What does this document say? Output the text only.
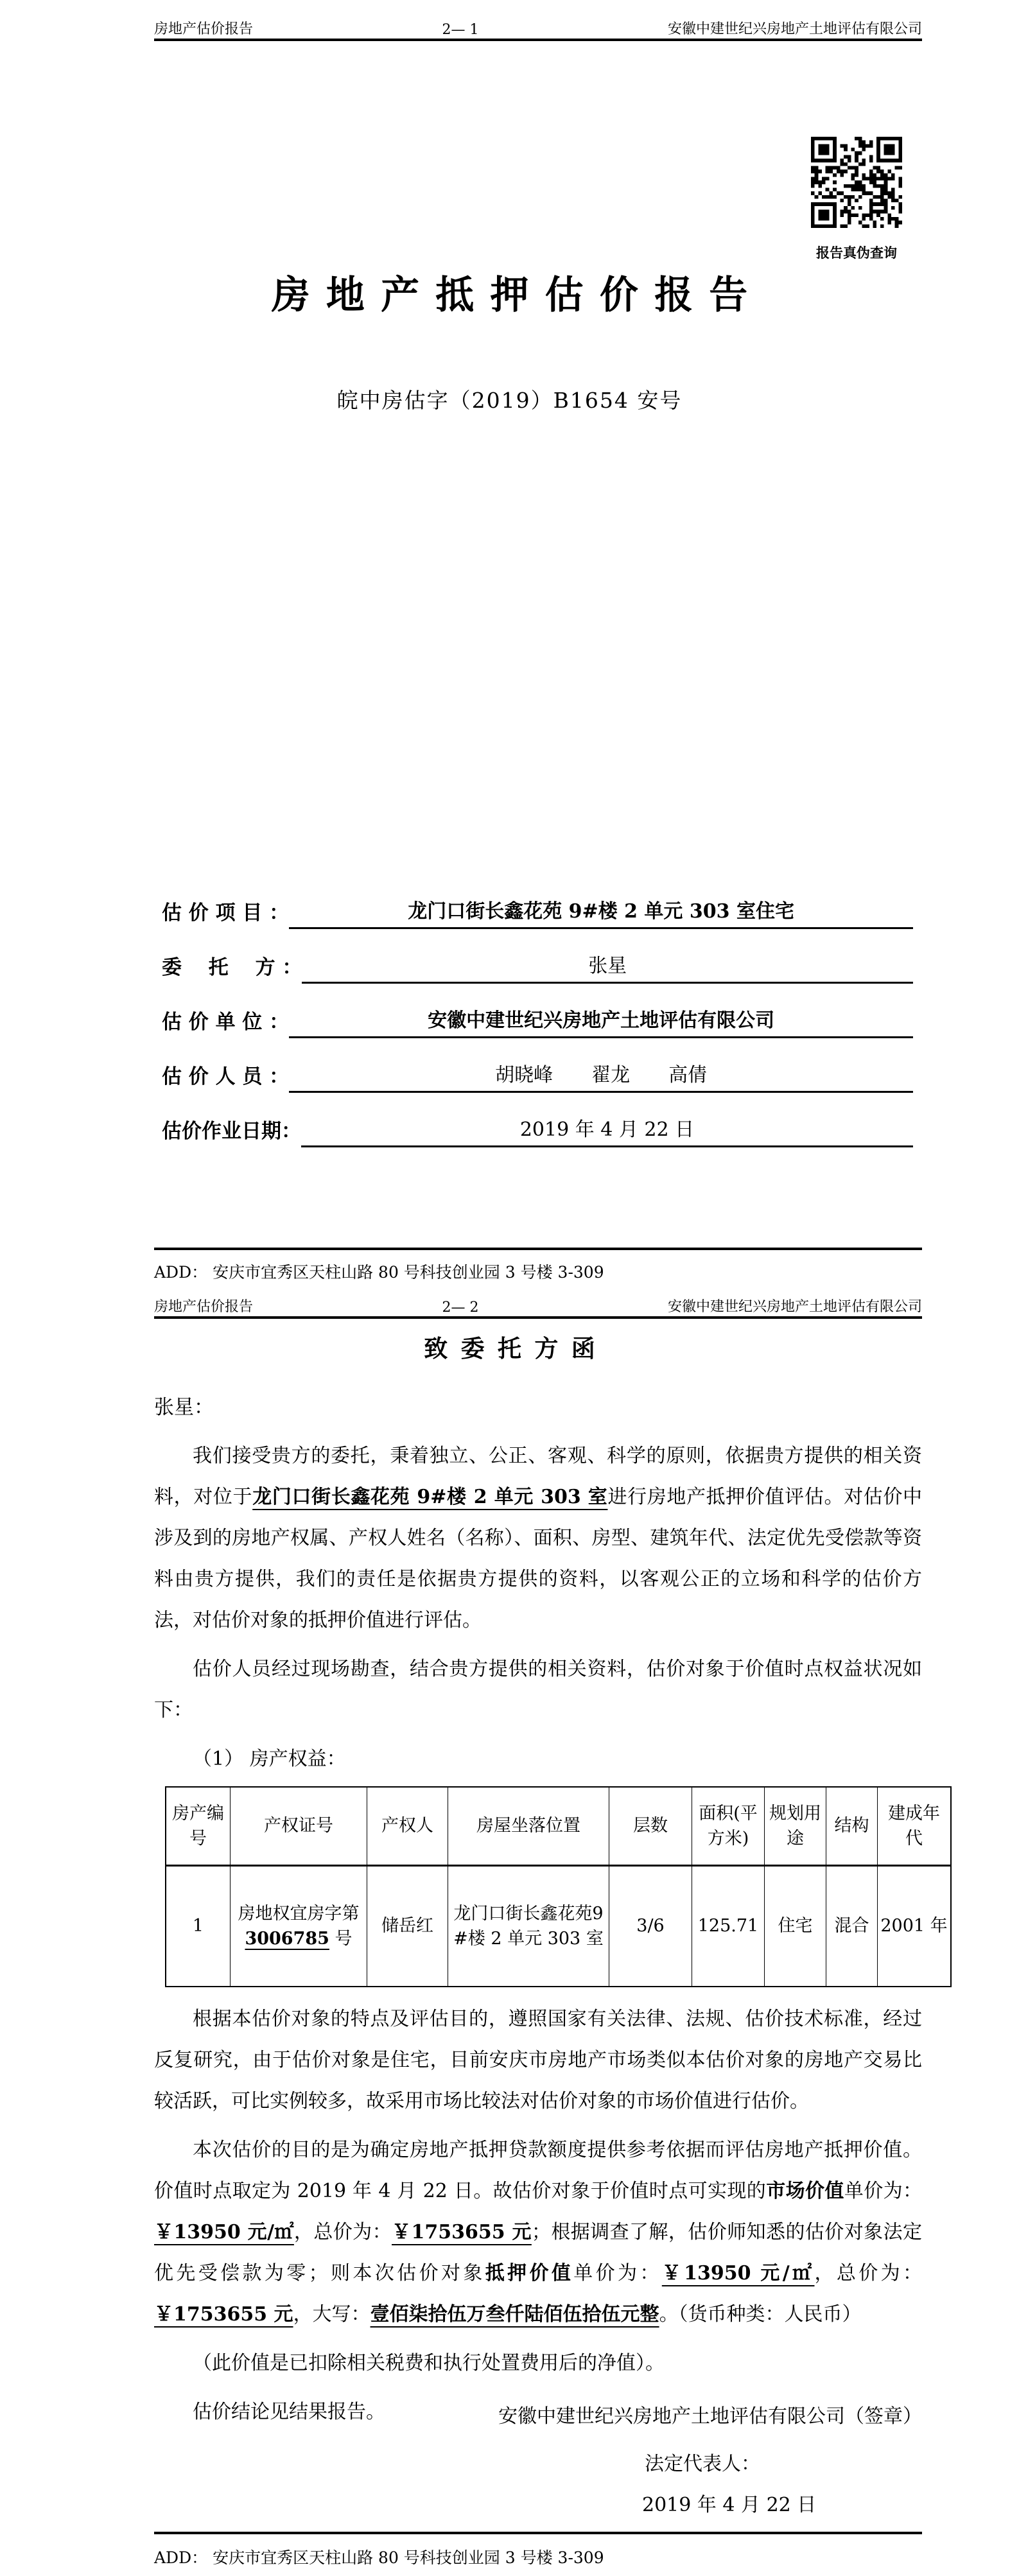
房地产估价报告	2— 1	安徽中建世纪兴房地产土地评估有限公司
报告真伪查询
房地产抵押估价报告
皖中房估字（2019）B1654 安号
估 价 项 目 ：	龙门口街长鑫花苑 9#楼 2 单元 303 室住宅
委　 托 　方 ：	张星
估 价 单 位 ：	安徽中建世纪兴房地产土地评估有限公司
估 价 人 员 ：	胡晓峰　　翟龙　　高倩
估价作业日期：	2019 年 4 月 22 日
ADD： 安庆市宜秀区天柱山路 80 号科技创业园 3 号楼 3-309
房地产估价报告	2— 2	安徽中建世纪兴房地产土地评估有限公司
致委托方函
张星：

我们接受贵方的委托，秉着独立、公正、客观、科学的原则，依据贵方提供的相关资料，对位于龙门口街长鑫花苑 9#楼 2 单元 303 室进行房地产抵押价值评估。对估价中涉及到的房地产权属、产权人姓名（名称）、面积、房型、建筑年代、法定优先受偿款等资料由贵方提供，我们的责任是依据贵方提供的资料，以客观公正的立场和科学的估价方法，对估价对象的抵押价值进行评估。

估价人员经过现场勘查，结合贵方提供的相关资料，估价对象于价值时点权益状况如下：

（1） 房产权益：

房产编号	产权证号	产权人	房屋坐落位置	层数	面积(平方米)	规划用途	结构	建成年代
1	房地权宜房字第 3006785 号	储岳红	龙门口街长鑫花苑9#楼 2 单元 303 室	3/6	125.71	住宅	混合	2001 年

根据本估价对象的特点及评估目的，遵照国家有关法律、法规、估价技术标准，经过反复研究，由于估价对象是住宅，目前安庆市房地产市场类似本估价对象的房地产交易比较活跃，可比实例较多，故采用市场比较法对估价对象的市场价值进行估价。

本次估价的目的是为确定房地产抵押贷款额度提供参考依据而评估房地产抵押价值。价值时点取定为 2019 年 4 月 22 日。故估价对象于价值时点可实现的市场价值单价为：￥13950 元/㎡，总价为：￥1753655 元；根据调查了解，估价师知悉的估价对象法定优先受偿款为零；则本次估价对象抵押价值单价为：￥13950 元/㎡，总价为：￥1753655 元，大写：壹佰柒拾伍万叁仟陆佰伍拾伍元整。（货币种类：人民币）

（此价值是已扣除相关税费和执行处置费用后的净值）。

估价结论见结果报告。	安徽中建世纪兴房地产土地评估有限公司（签章）
法定代表人：
2019 年 4 月 22 日
ADD： 安庆市宜秀区天柱山路 80 号科技创业园 3 号楼 3-309
